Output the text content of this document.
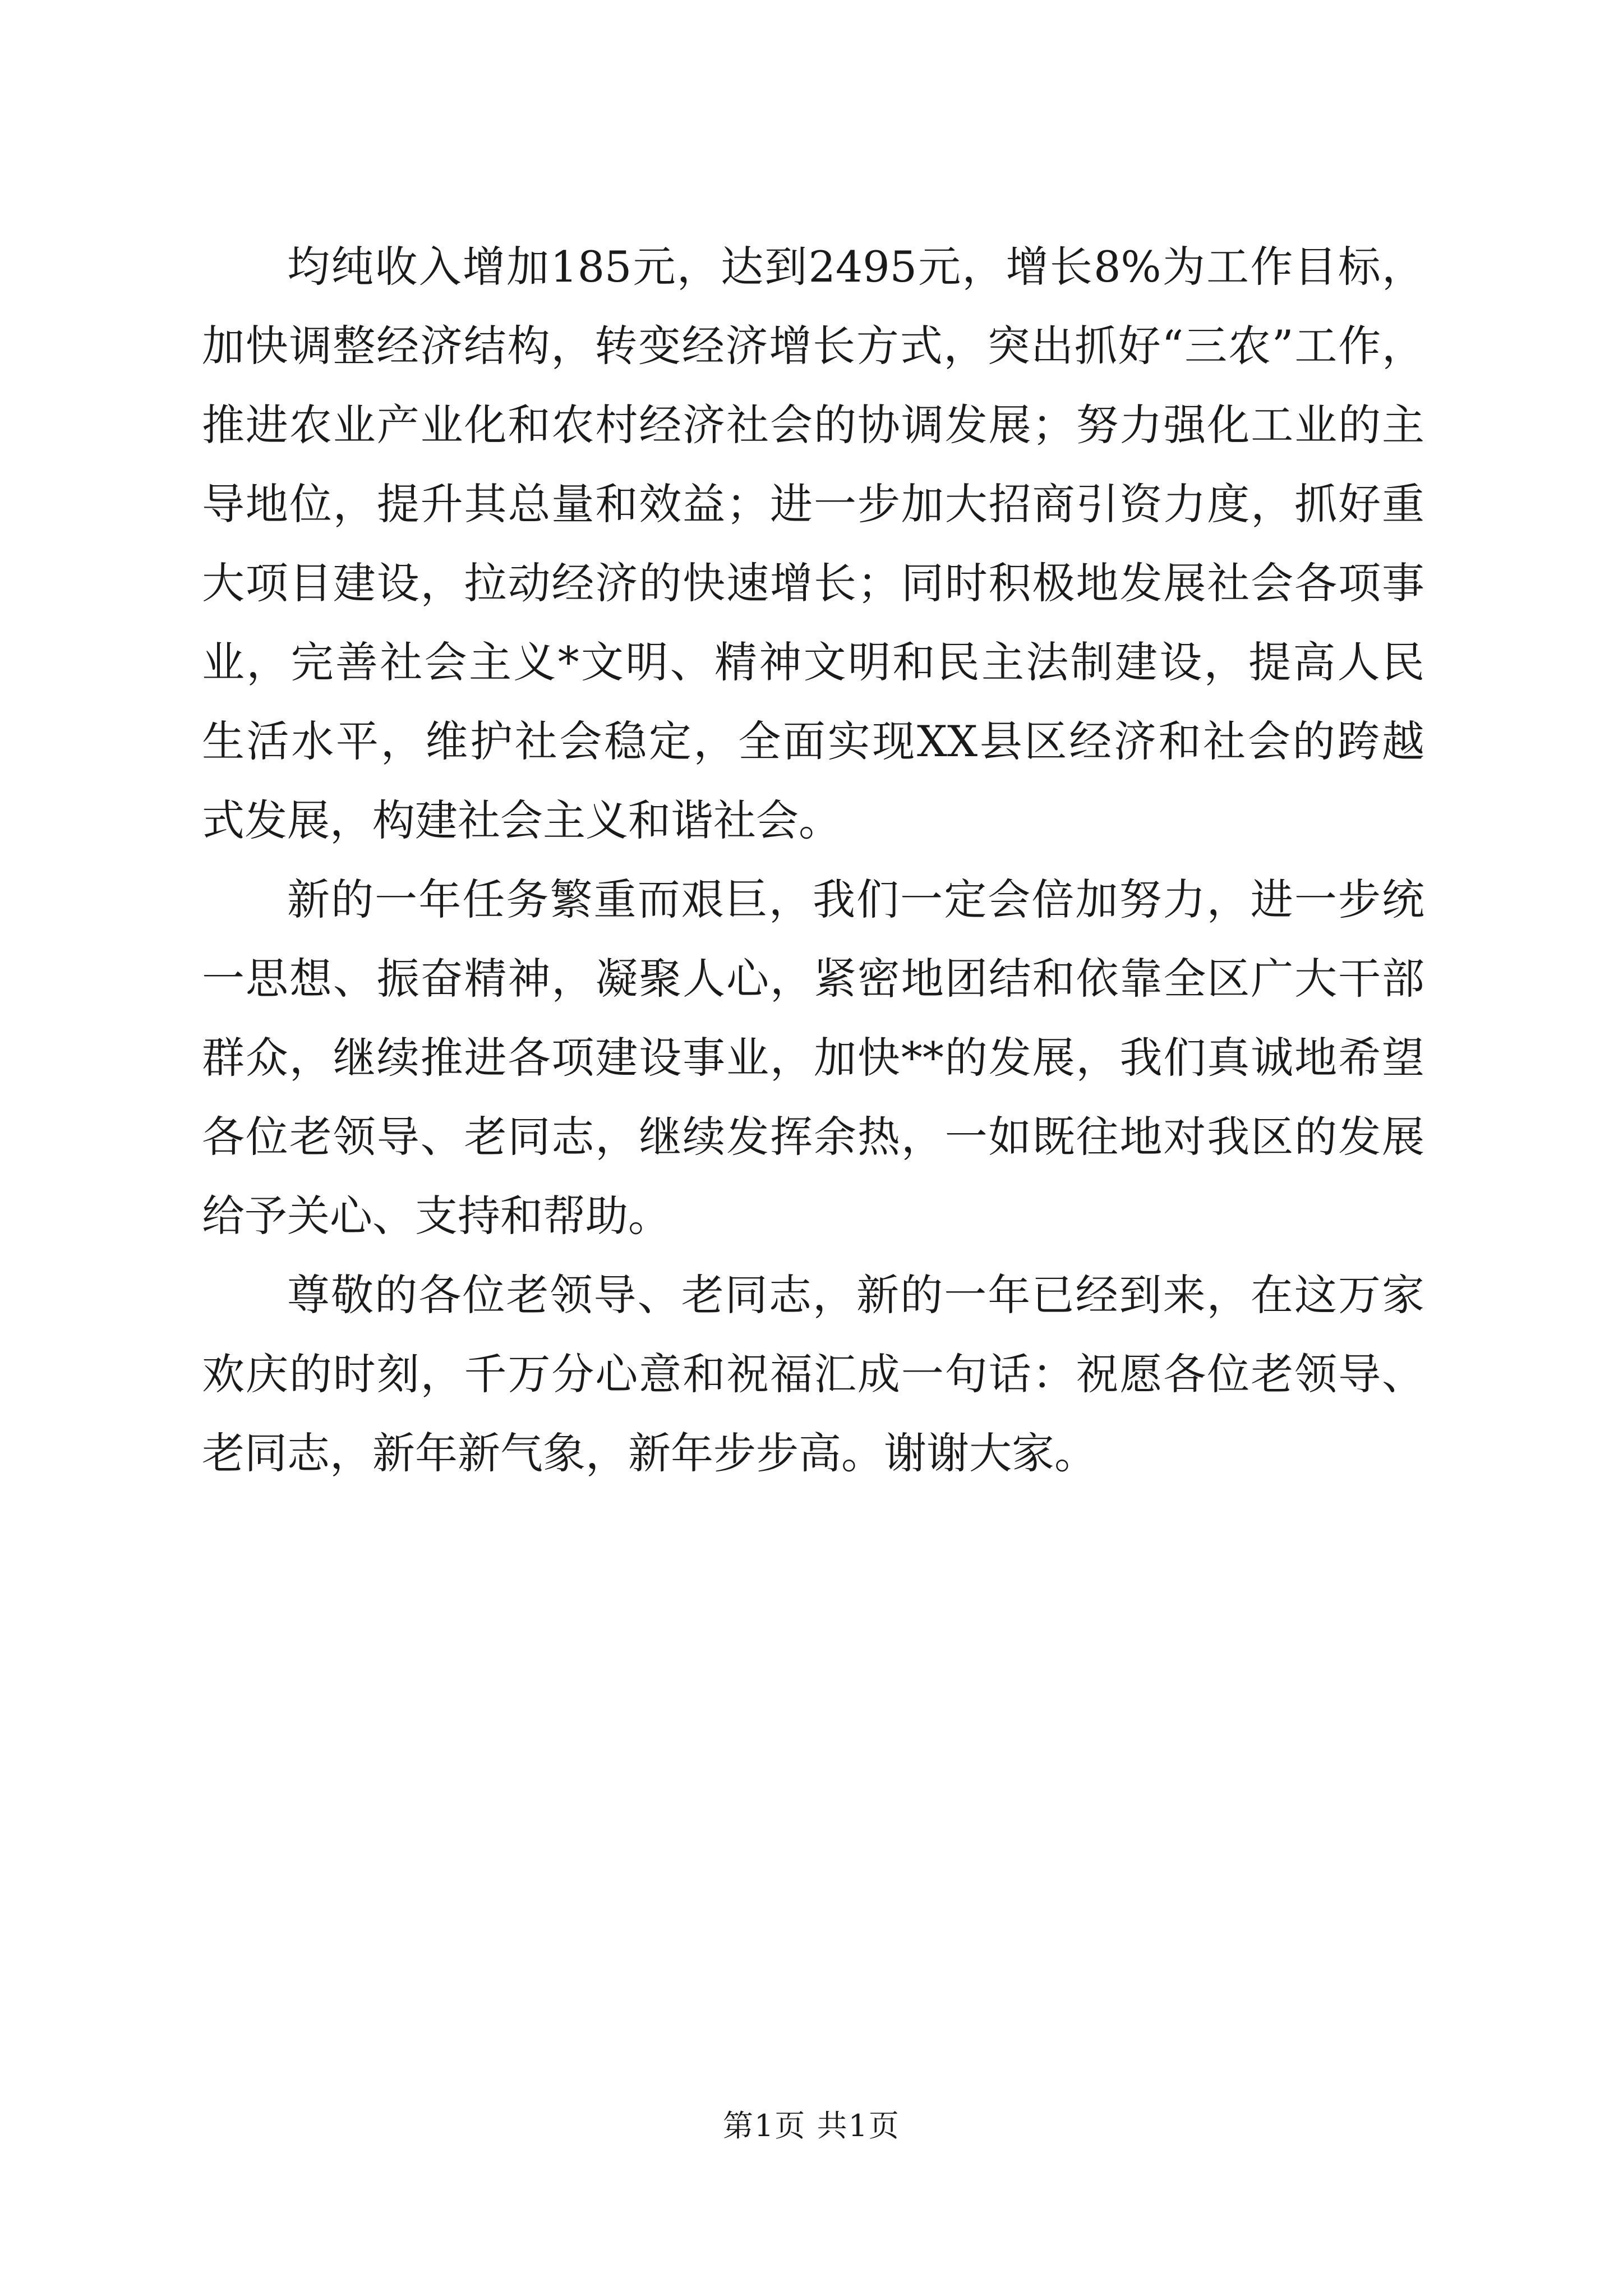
均纯收入增加185元，达到2495元，增长8%为工作目标，
加快调整经济结构，转变经济增长方式，突出抓好“三农”工作，
推进农业产业化和农村经济社会的协调发展；努力强化工业的主
导地位，提升其总量和效益；进一步加大招商引资力度，抓好重
大项目建设，拉动经济的快速增长；同时积极地发展社会各项事
业，完善社会主义*文明、精神文明和民主法制建设，提高人民
生活水平，维护社会稳定，全面实现XX县区经济和社会的跨越
式发展，构建社会主义和谐社会。
新的一年任务繁重而艰巨，我们一定会倍加努力，进一步统
一思想、振奋精神，凝聚人心，紧密地团结和依靠全区广大干部
群众，继续推进各项建设事业，加快**的发展，我们真诚地希望
各位老领导、老同志，继续发挥余热，一如既往地对我区的发展
给予关心、支持和帮助。
尊敬的各位老领导、老同志，新的一年已经到来，在这万家
欢庆的时刻，千万分心意和祝福汇成一句话：祝愿各位老领导、
老同志，新年新气象，新年步步高。谢谢大家。
第1页 共1页
